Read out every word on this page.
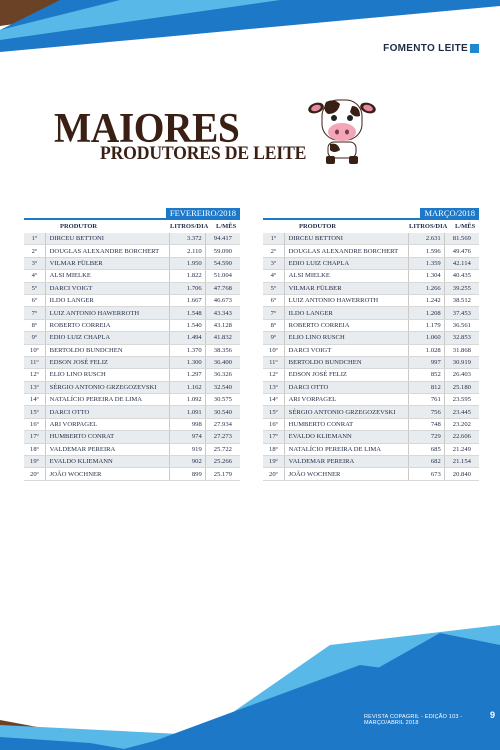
FOMENTO LEITE
MAIORES
PRODUTORES DE LEITE
FEVEREIRO/2018
PRODUTOR	LITROS/DIA L/MÊS
1º	DIRCEU BETTONI	3.372	94.417
2º	DOUGLAS ALEXANDRE BORCHERT	2.110	59.090
3º	VILMAR FÜLBER	1.950	54.590
4º	ALSI MIELKE	1.822	51.004
5º	DARCI VOIGT	1.706	47.768
6º	ILDO LANGER	1.667	46.673
7º	LUIZ ANTONIO HAWERROTH	1.548	43.343
8º	ROBERTO CORREIA	1.540	43.128
9º	EDIO LUIZ CHAPLA	1.494	41.832
10º	BERTOLDO BUNDCHEN	1.370	38.356
11º	EDSON JOSÉ FELIZ	1.300	36.400
12º	ELIO LINO RUSCH	1.297	36.326
13º	SÉRGIO ANTONIO GRZEGOZEVSKI	1.162	32.540
14º	NATALÍCIO PEREIRA DE LIMA	1.092	30.575
15º	DARCI OTTO	1.091	30.540
16º	ARI VORPAGEL	998	27.934
17º	HUMBERTO CONRAT	974	27.273
18º	VALDEMAR PEREIRA	919	25.722
19º	EVALDO KLIEMANN	902	25.266
20º	JOÃO WOCHNER	899	25.179
MARÇO/2018
PRODUTOR	LITROS/DIA L/MÊS
1º	DIRCEU BETTONI	2.631	81.569
2º	DOUGLAS ALEXANDRE BORCHERT	1.596	49.476
3º	EDIO LUIZ CHAPLA	1.359	42.114
4º	ALSI MIELKE	1.304	40.435
5º	VILMAR FÜLBER	1.266	39.255
6º	LUIZ ANTONIO HAWERROTH	1.242	38.512
7º	ILDO LANGER	1.208	37.453
8º	ROBERTO CORREIA	1.179	36.561
9º	ELIO LINO RUSCH	1.060	32.853
10º	DARCI VOIGT	1.028	31.868
11º	BERTOLDO BUNDCHEN	997	30.919
12º	EDSON JOSÉ FELIZ	852	26.403
13º	DARCI OTTO	812	25.180
14º	ARI VORPAGEL	761	23.595
15º	SÉRGIO ANTONIO GRZEGOZEVSKI	756	23.445
16º	HUMBERTO CONRAT	748	23.202
17º	EVALDO KLIEMANN	729	22.606
18º	NATALÍCIO PEREIRA DE LIMA	685	21.249
19º	VALDEMAR PEREIRA	682	21.154
20º	JOÃO WOCHNER	673	20.840
REVISTA COPAGRIL - EDIÇÃO 103 - MARÇO/ABRIL 2018
9
